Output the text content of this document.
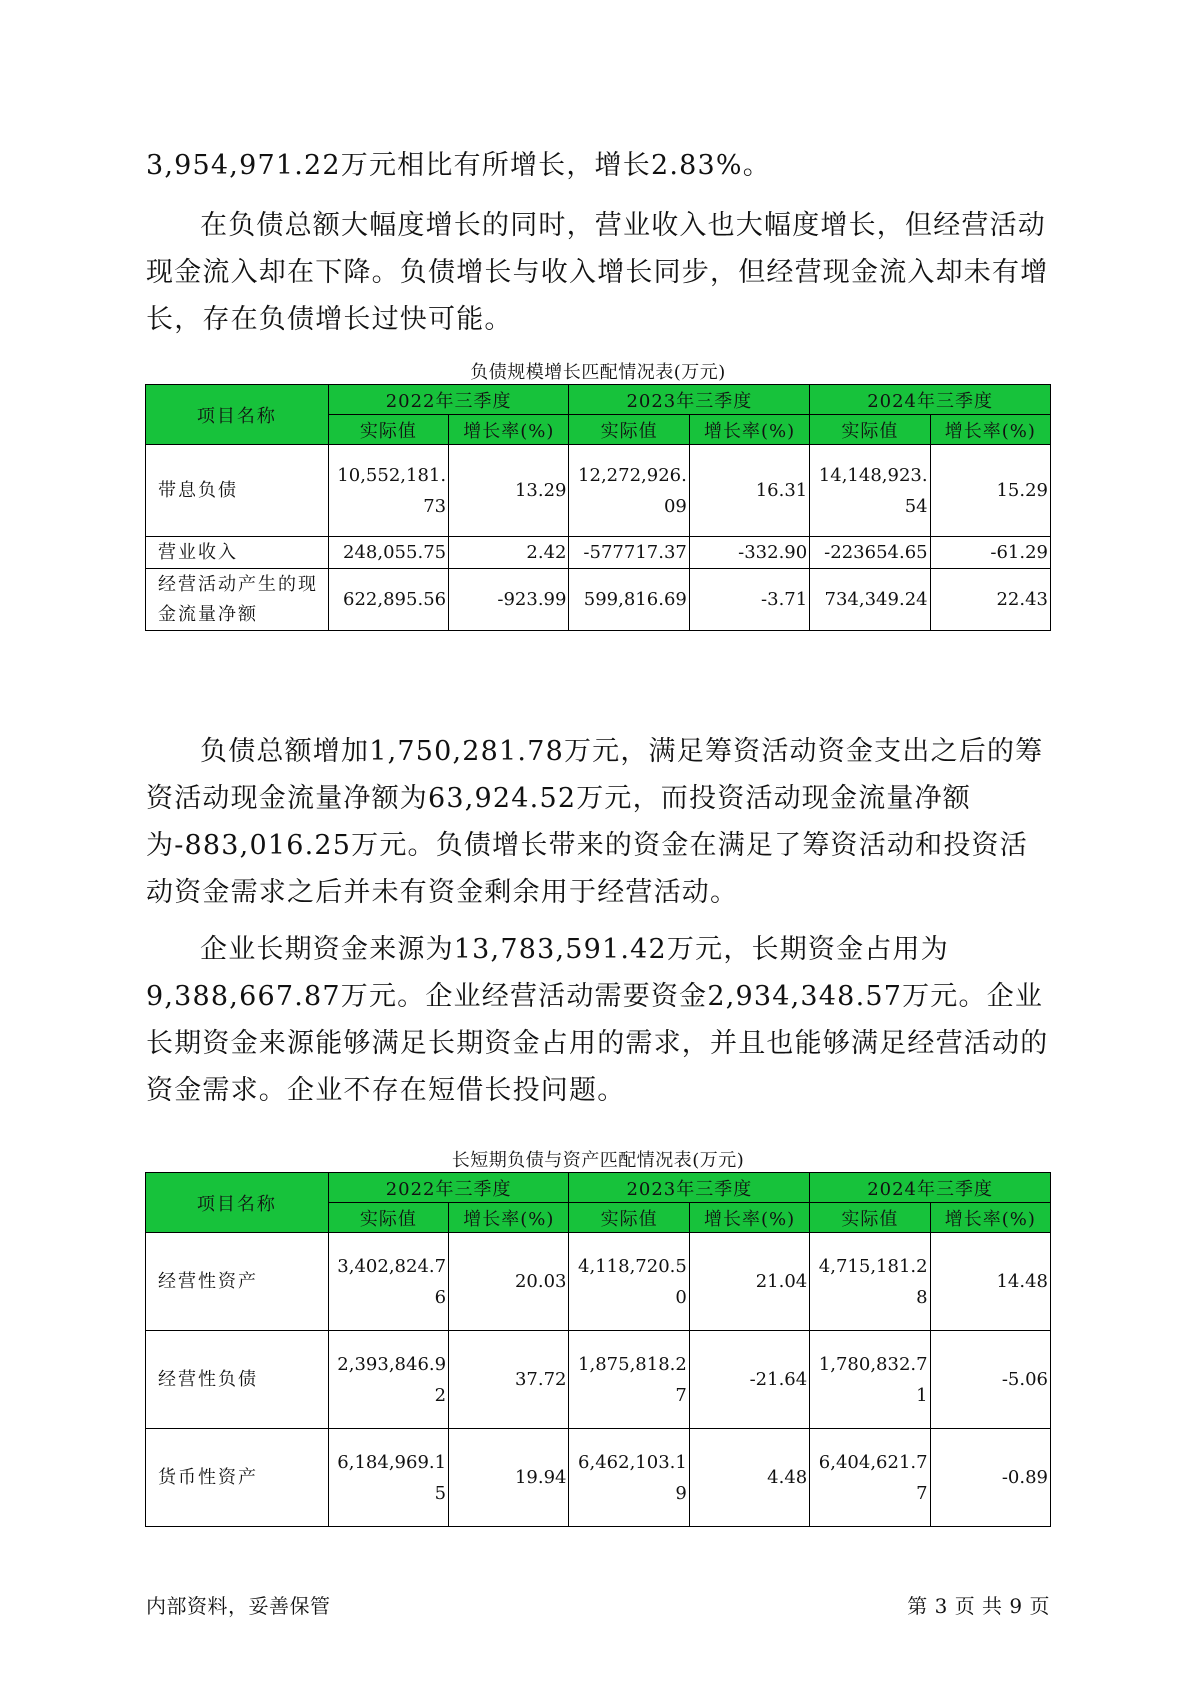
3,954,971.22万元相比有所增长，增长2.83%。

在负债总额大幅度增长的同时，营业收入也大幅度增长，但经营活动现金流入却在下降。负债增长与收入增长同步，但经营现金流入却未有增长，存在负债增长过快可能。

负债规模增长匹配情况表(万元)
项目名称	2022年三季度		2023年三季度		2024年三季度	
	实际值	增长率(%)	实际值	增长率(%)	实际值	增长率(%)
带息负债	10,552,181.73	13.29	12,272,926.09	16.31	14,148,923.54	15.29
营业收入	248,055.75	2.42	-577717.37	-332.90	-223654.65	-61.29
经营活动产生的现金流量净额	622,895.56	-923.99	599,816.69	-3.71	734,349.24	22.43

负债总额增加1,750,281.78万元，满足筹资活动资金支出之后的筹资活动现金流量净额为63,924.52万元，而投资活动现金流量净额为-883,016.25万元。负债增长带来的资金在满足了筹资活动和投资活动资金需求之后并未有资金剩余用于经营活动。

企业长期资金来源为13,783,591.42万元，长期资金占用为9,388,667.87万元。企业经营活动需要资金2,934,348.57万元。企业长期资金来源能够满足长期资金占用的需求，并且也能够满足经营活动的资金需求。企业不存在短借长投问题。

长短期负债与资产匹配情况表(万元)
项目名称	2022年三季度		2023年三季度		2024年三季度	
	实际值	增长率(%)	实际值	增长率(%)	实际值	增长率(%)
经营性资产	3,402,824.76	20.03	4,118,720.50	21.04	4,715,181.28	14.48
经营性负债	2,393,846.92	37.72	1,875,818.27	-21.64	1,780,832.71	-5.06
货币性资产	6,184,969.15	19.94	6,462,103.19	4.48	6,404,621.77	-0.89
内部资料，妥善保管	第 3 页 共 9 页
